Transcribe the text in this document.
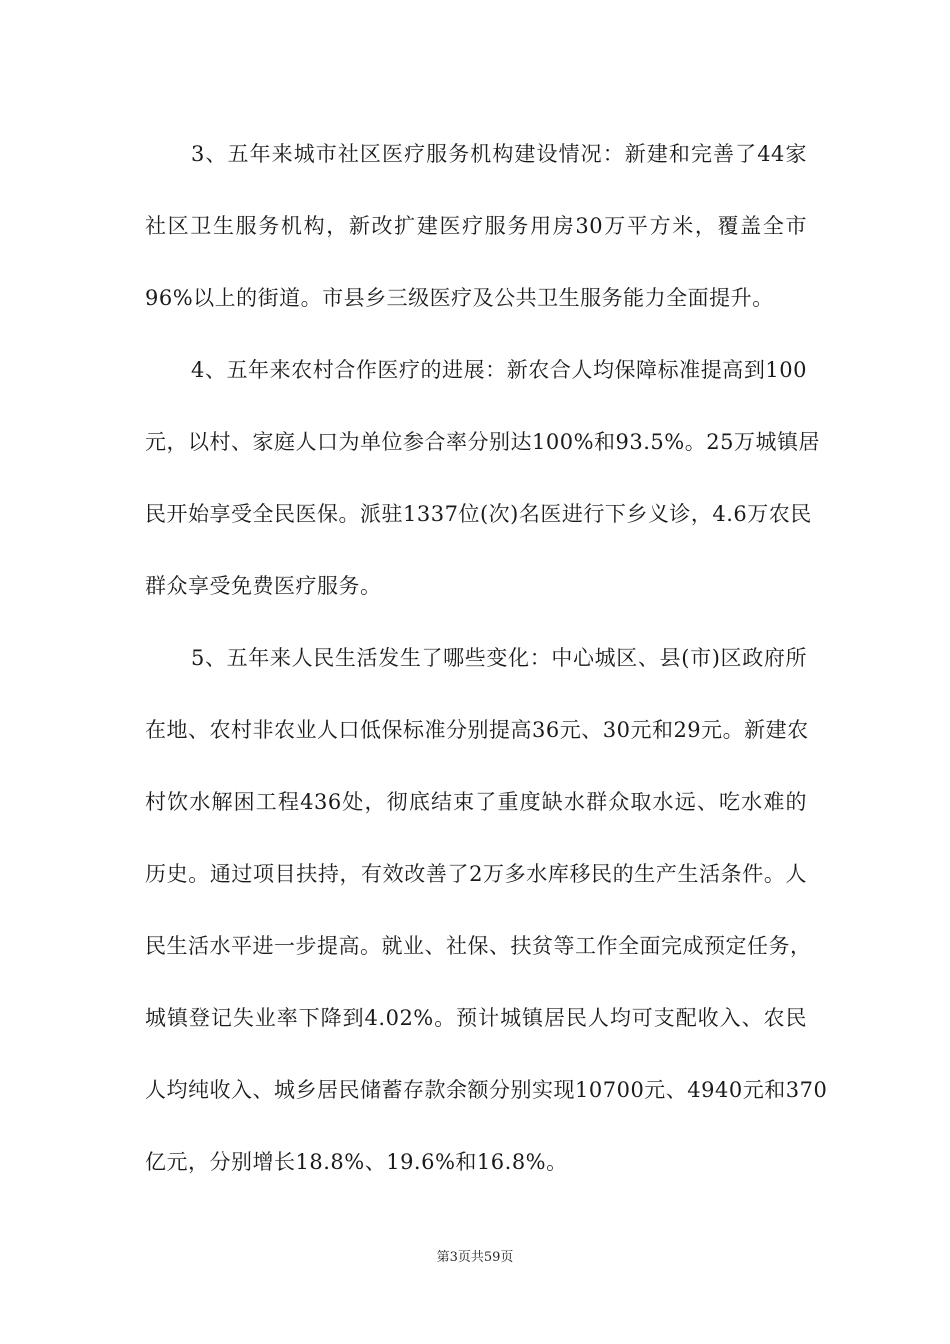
3、五年来城市社区医疗服务机构建设情况：新建和完善了44家
社区卫生服务机构，新改扩建医疗服务用房30万平方米，覆盖全市
96%以上的街道。市县乡三级医疗及公共卫生服务能力全面提升。
4、五年来农村合作医疗的进展：新农合人均保障标准提高到100
元，以村、家庭人口为单位参合率分别达100%和93.5%。25万城镇居
民开始享受全民医保。派驻1337位(次)名医进行下乡义诊，4.6万农民
群众享受免费医疗服务。
5、五年来人民生活发生了哪些变化：中心城区、县(市)区政府所
在地、农村非农业人口低保标准分别提高36元、30元和29元。新建农
村饮水解困工程436处，彻底结束了重度缺水群众取水远、吃水难的
历史。通过项目扶持，有效改善了2万多水库移民的生产生活条件。人
民生活水平进一步提高。就业、社保、扶贫等工作全面完成预定任务，
城镇登记失业率下降到4.02%。预计城镇居民人均可支配收入、农民
人均纯收入、城乡居民储蓄存款余额分别实现10700元、4940元和370
亿元，分别增长18.8%、19.6%和16.8%。
第3页共59页
